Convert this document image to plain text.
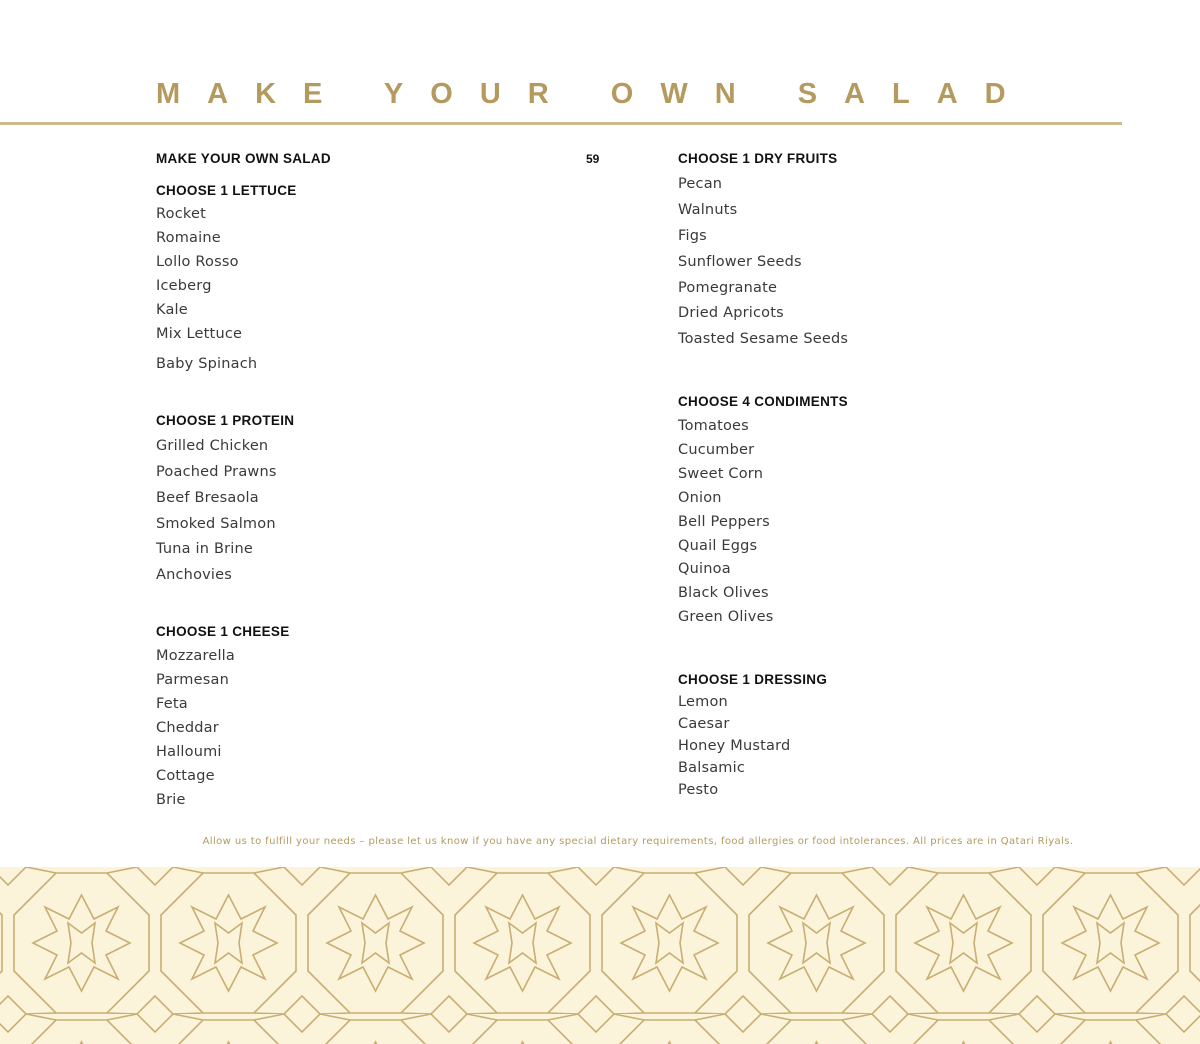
MAKE YOUR OWN SALAD
MAKE YOUR OWN SALAD	59
CHOOSE 1 LETTUCE
Rocket
Romaine
Lollo Rosso
Iceberg
Kale
Mix Lettuce
Baby Spinach
CHOOSE 1 PROTEIN
Grilled Chicken
Poached Prawns
Beef Bresaola
Smoked Salmon
Tuna in Brine
Anchovies
CHOOSE 1 CHEESE
Mozzarella
Parmesan
Feta
Cheddar
Halloumi
Cottage
Brie
CHOOSE 1 DRY FRUITS
Pecan
Walnuts
Figs
Sunflower Seeds
Pomegranate
Dried Apricots
Toasted Sesame Seeds
CHOOSE 4 CONDIMENTS
Tomatoes
Cucumber
Sweet Corn
Onion
Bell Peppers
Quail Eggs
Quinoa
Black Olives
Green Olives
CHOOSE 1 DRESSING
Lemon
Caesar
Honey Mustard
Balsamic
Pesto
Allow us to fulfill your needs – please let us know if you have any special dietary requirements, food allergies or food intolerances. All prices are in Qatari Riyals.
